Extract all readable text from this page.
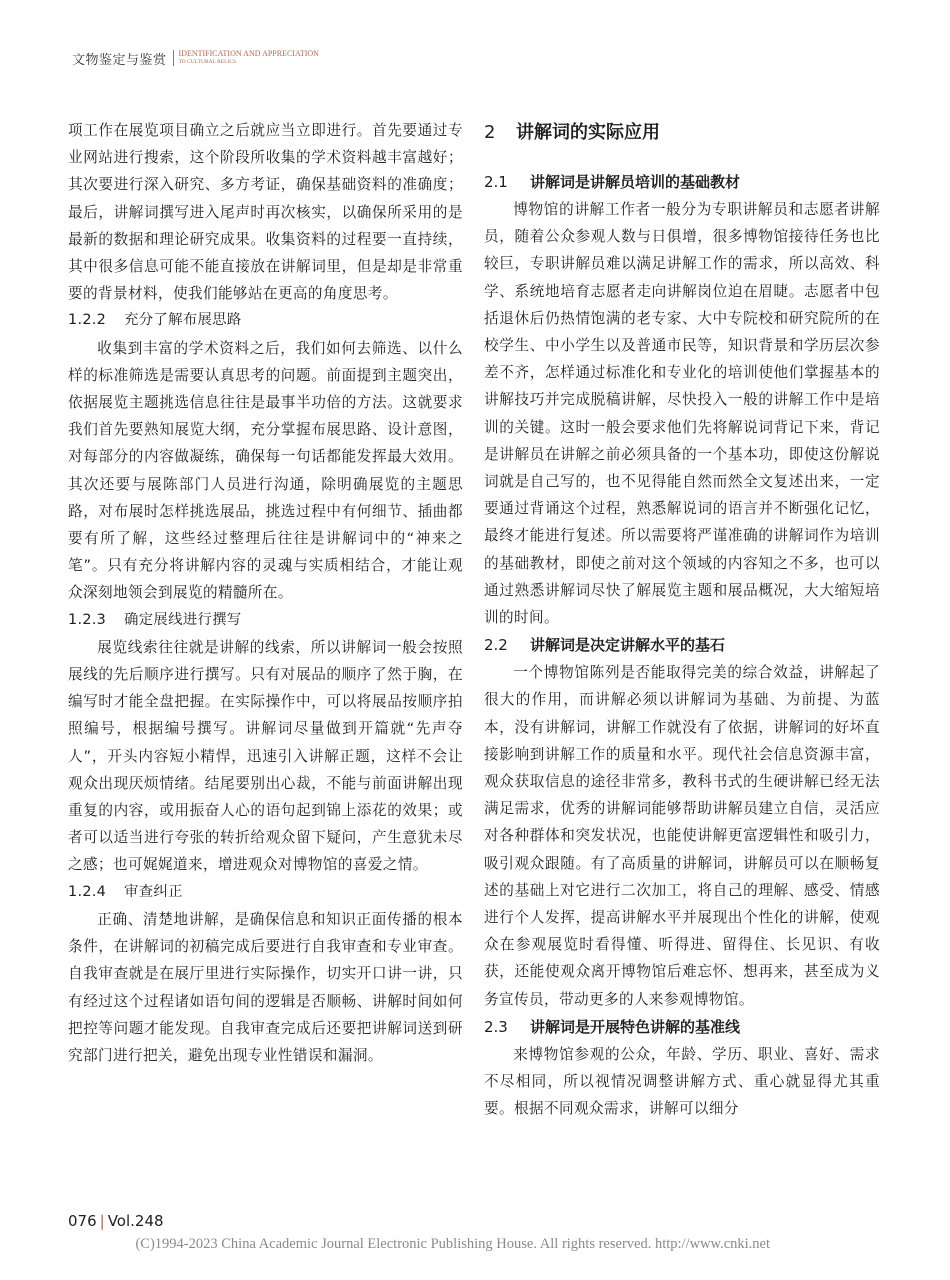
文物鉴定与鉴赏 IDENTIFICATION AND APPRECIATION
TO CULTURAL RELICS

项工作在展览项目确立之后就应当立即进行。首先要通过专业网站进行搜索，这个阶段所收集的学术资料越丰富越好；其次要进行深入研究、多方考证，确保基础资料的准确度；最后，讲解词撰写进入尾声时再次核实，以确保所采用的是最新的数据和理论研究成果。收集资料的过程要一直持续，其中很多信息可能不能直接放在讲解词里，但是却是非常重要的背景材料，使我们能够站在更高的角度思考。

1.2.2 充分了解布展思路

收集到丰富的学术资料之后，我们如何去筛选、以什么样的标准筛选是需要认真思考的问题。前面提到主题突出，依据展览主题挑选信息往往是最事半功倍的方法。这就要求我们首先要熟知展览大纲，充分掌握布展思路、设计意图，对每部分的内容做凝练，确保每一句话都能发挥最大效用。其次还要与展陈部门人员进行沟通，除明确展览的主题思路，对布展时怎样挑选展品，挑选过程中有何细节、插曲都要有所了解，这些经过整理后往往是讲解词中的“神来之笔”。只有充分将讲解内容的灵魂与实质相结合，才能让观众深刻地领会到展览的精髓所在。

1.2.3 确定展线进行撰写

展览线索往往就是讲解的线索，所以讲解词一般会按照展线的先后顺序进行撰写。只有对展品的顺序了然于胸，在编写时才能全盘把握。在实际操作中，可以将展品按顺序拍照编号，根据编号撰写。讲解词尽量做到开篇就“先声夺人”，开头内容短小精悍，迅速引入讲解正题，这样不会让观众出现厌烦情绪。结尾要别出心裁，不能与前面讲解出现重复的内容，或用振奋人心的语句起到锦上添花的效果；或者可以适当进行夸张的转折给观众留下疑问，产生意犹未尽之感；也可娓娓道来，增进观众对博物馆的喜爱之情。

1.2.4 审查纠正

正确、清楚地讲解，是确保信息和知识正面传播的根本条件，在讲解词的初稿完成后要进行自我审查和专业审查。自我审查就是在展厅里进行实际操作，切实开口讲一讲，只有经过这个过程诸如语句间的逻辑是否顺畅、讲解时间如何把控等问题才能发现。自我审查完成后还要把讲解词送到研究部门进行把关，避免出现专业性错误和漏洞。

2 讲解词的实际应用
2.1 讲解词是讲解员培训的基础教材

博物馆的讲解工作者一般分为专职讲解员和志愿者讲解员，随着公众参观人数与日俱增，很多博物馆接待任务也比较巨，专职讲解员难以满足讲解工作的需求，所以高效、科学、系统地培育志愿者走向讲解岗位迫在眉睫。志愿者中包括退休后仍热情饱满的老专家、大中专院校和研究院所的在校学生、中小学生以及普通市民等，知识背景和学历层次参差不齐，怎样通过标准化和专业化的培训使他们掌握基本的讲解技巧并完成脱稿讲解，尽快投入一般的讲解工作中是培训的关键。这时一般会要求他们先将解说词背记下来，背记是讲解员在讲解之前必须具备的一个基本功，即使这份解说词就是自己写的，也不见得能自然而然全文复述出来，一定要通过背诵这个过程，熟悉解说词的语言并不断强化记忆，最终才能进行复述。所以需要将严谨准确的讲解词作为培训的基础教材，即使之前对这个领域的内容知之不多，也可以通过熟悉讲解词尽快了解展览主题和展品概况，大大缩短培训的时间。

2.2 讲解词是决定讲解水平的基石

一个博物馆陈列是否能取得完美的综合效益，讲解起了很大的作用，而讲解必须以讲解词为基础、为前提、为蓝本，没有讲解词，讲解工作就没有了依据，讲解词的好坏直接影响到讲解工作的质量和水平。现代社会信息资源丰富，观众获取信息的途径非常多，教科书式的生硬讲解已经无法满足需求，优秀的讲解词能够帮助讲解员建立自信，灵活应对各种群体和突发状况，也能使讲解更富逻辑性和吸引力，吸引观众跟随。有了高质量的讲解词，讲解员可以在顺畅复述的基础上对它进行二次加工，将自己的理解、感受、情感进行个人发挥，提高讲解水平并展现出个性化的讲解，使观众在参观展览时看得懂、听得进、留得住、长见识、有收获，还能使观众离开博物馆后难忘怀、想再来，甚至成为义务宣传员，带动更多的人来参观博物馆。

2.3 讲解词是开展特色讲解的基准线

来博物馆参观的公众，年龄、学历、职业、喜好、需求不尽相同，所以视情况调整讲解方式、重心就显得尤其重要。根据不同观众需求，讲解可以细分

076 | Vol.248
(C)1994-2023 China Academic Journal Electronic Publishing House. All rights reserved. http://www.cnki.net
